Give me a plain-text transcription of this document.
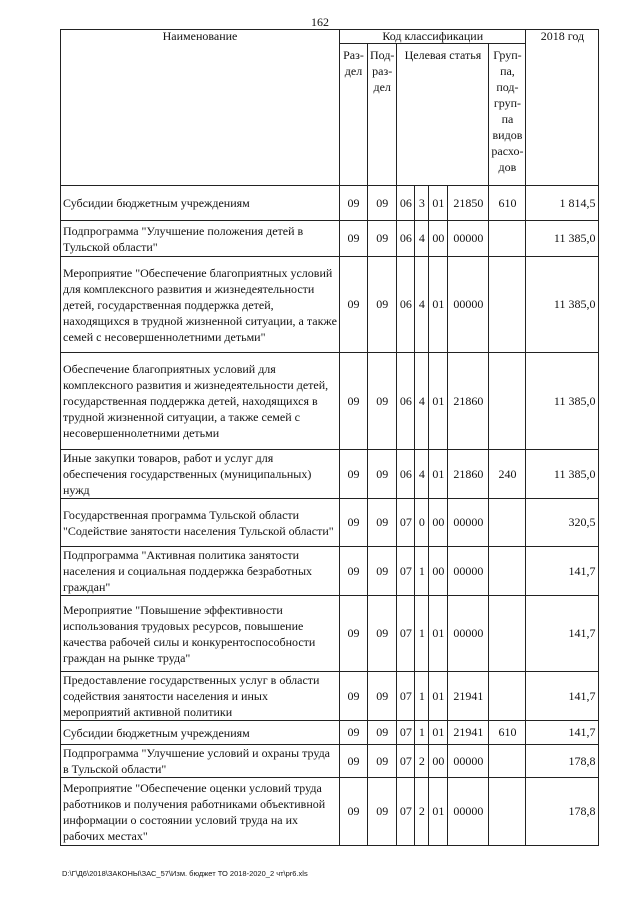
162
Наименование	Код классификации							2018 год
	Раз-дел	Под-раз-дел	Целевая статья				Груп-па, под-груп-па видов расхо-дов	
Субсидии бюджетным учреждениям	09	09	06	3	01	21850	610	1 814,5
Подпрограмма "Улучшение положения детей в Тульской области"	09	09	06	4	00	00000		11 385,0
Мероприятие "Обеспечение благоприятных условий для комплексного развития и жизнедеятельности детей, государственная поддержка детей, находящихся в трудной жизненной ситуации, а также семей с несовершеннолетними детьми"	09	09	06	4	01	00000		11 385,0
Обеспечение благоприятных условий для комплексного развития и жизнедеятельности детей, государственная поддержка детей, находящихся в трудной жизненной ситуации, а также семей с несовершеннолетними детьми	09	09	06	4	01	21860		11 385,0
Иные закупки товаров, работ и услуг для обеспечения государственных (муниципальных) нужд	09	09	06	4	01	21860	240	11 385,0
Государственная программа Тульской области "Содействие занятости населения Тульской области"	09	09	07	0	00	00000		320,5
Подпрограмма "Активная политика занятости населения и социальная поддержка безработных граждан"	09	09	07	1	00	00000		141,7
Мероприятие "Повышение эффективности использования трудовых ресурсов, повышение качества рабочей силы и конкурентоспособности граждан на рынке труда"	09	09	07	1	01	00000		141,7
Предоставление государственных услуг в области содействия занятости населения и иных мероприятий активной политики	09	09	07	1	01	21941		141,7
Субсидии бюджетным учреждениям	09	09	07	1	01	21941	610	141,7
Подпрограмма "Улучшение условий и охраны труда в Тульской области"	09	09	07	2	00	00000		178,8
Мероприятие "Обеспечение оценки условий труда работников и получения работниками объективной информации о состоянии условий труда на их рабочих местах"	09	09	07	2	01	00000		178,8
D:\Г\Д6\2018\ЗАКОНЫ\ЗАС_57\Изм. бюджет ТО 2018-2020_2 чт\pr6.xls
